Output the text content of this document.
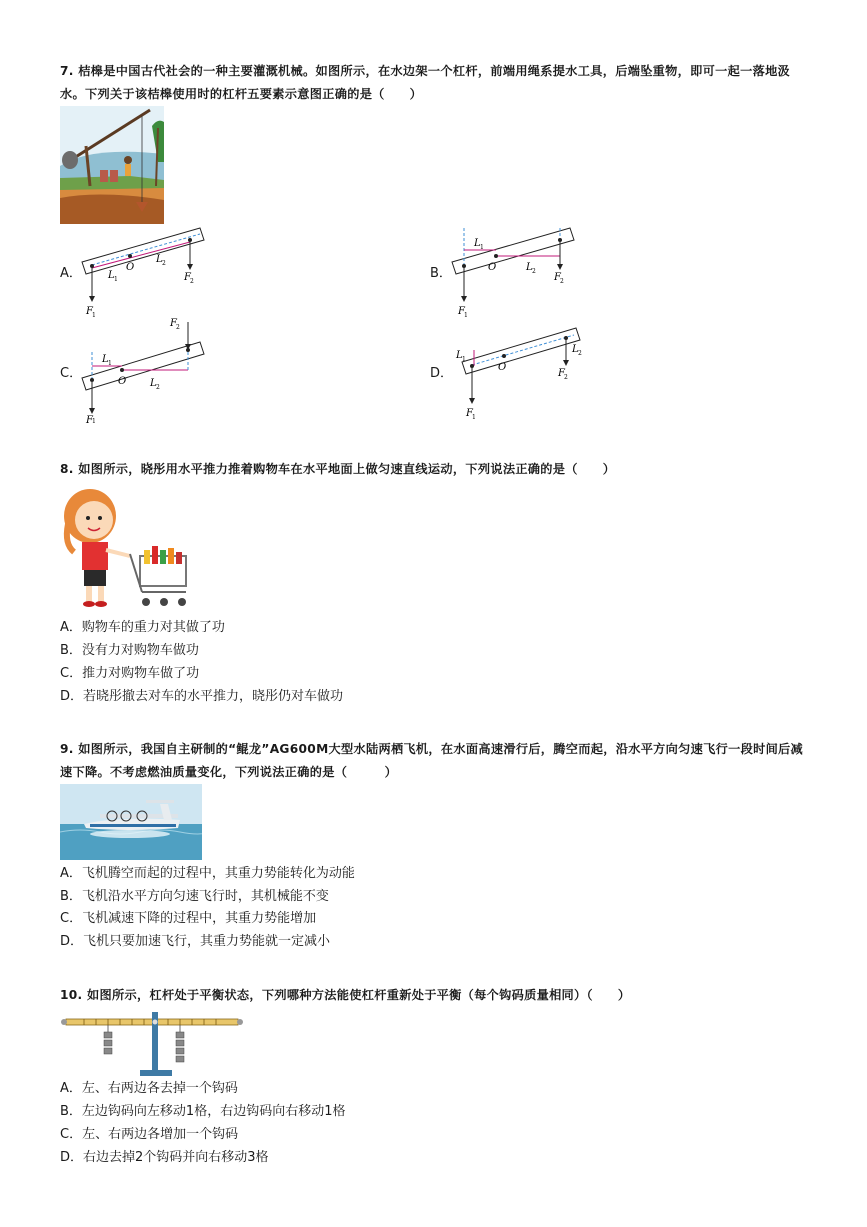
7. 桔槔是中国古代社会的一种主要灌溉机械。如图所示，在水边架一个杠杆，前端用绳系提水工具，后端坠重物，即可一起一落地汲水。下列关于该桔槔使用时的杠杆五要素示意图正确的是（　　）
A．	O
L 1
L 2
F 1
F 2
B．	O
L 1
L 2
F 1
F 2
C．
O
L 1
L 2
F 1
F 2
D．	O
L 1
L 2
F 1
F 2
8. 如图所示，晓彤用水平推力推着购物车在水平地面上做匀速直线运动，下列说法正确的是（　　）
A．购物车的重力对其做了功
B．没有力对购物车做功
C．推力对购物车做了功
D．若晓彤撤去对车的水平推力，晓彤仍对车做功
9. 如图所示，我国自主研制的“鲲龙”AG600M大型水陆两栖飞机，在水面高速滑行后，腾空而起，沿水平方向匀速飞行一段时间后减速下降。不考虑燃油质量变化，下列说法正确的是（　　　）
A．飞机腾空而起的过程中，其重力势能转化为动能
B．飞机沿水平方向匀速飞行时，其机械能不变
C．飞机减速下降的过程中，其重力势能增加
D．飞机只要加速飞行，其重力势能就一定减小
10. 如图所示，杠杆处于平衡状态，下列哪种方法能使杠杆重新处于平衡（每个钩码质量相同）（　　）
A．左、右两边各去掉一个钩码
B．左边钩码向左移动1格，右边钩码向右移动1格
C．左、右两边各增加一个钩码
D．右边去掉2个钩码并向右移动3格
